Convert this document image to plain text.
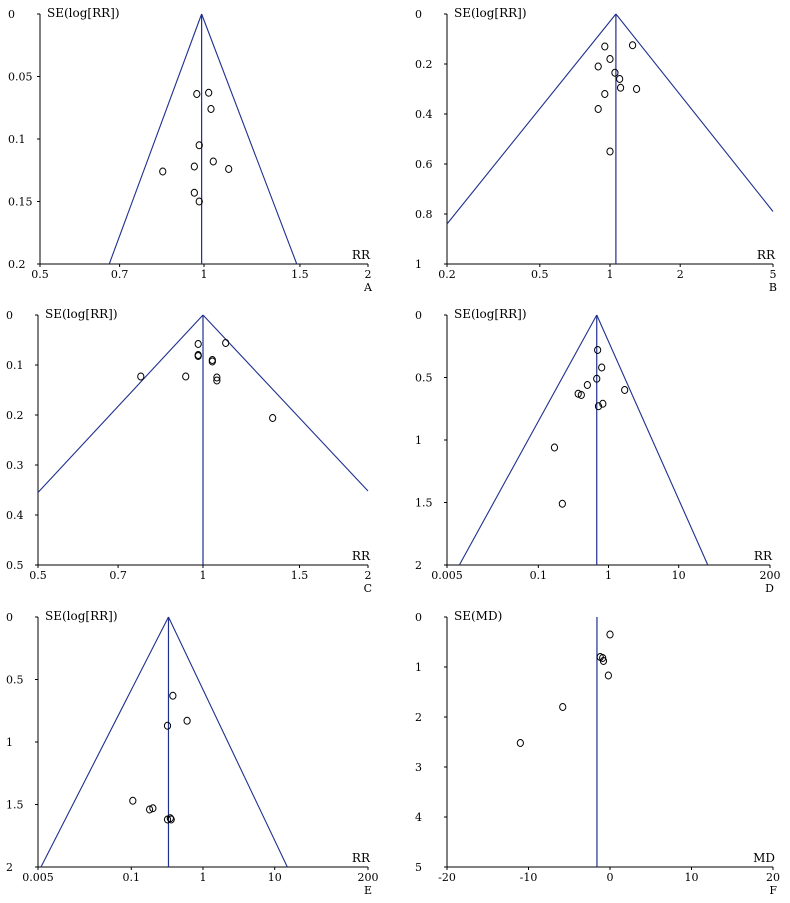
0
0.05
0.1
0.15
0.2
0.5	0.7	1	1.5	2
SE(log[RR])
RR
A
0
0.2
0.4
0.6
0.8
1
0.2	0.5	1	2	5
SE(log[RR])
RR
B
0
0.1
0.2
0.3
0.4
0.5
0.5	0.7	1	1.5	2
SE(log[RR])
RR
C
0
0.5
1
1.5
2
0.005	0.1	1	10	200
SE(log[RR])
RR
D
0
0.5
1
1.5
2
0.005	0.1	1	10	200
SE(log[RR])
RR
E
0
1
2
3
4
5
-20	-10	0	10	20
SE(MD)
MD
F
